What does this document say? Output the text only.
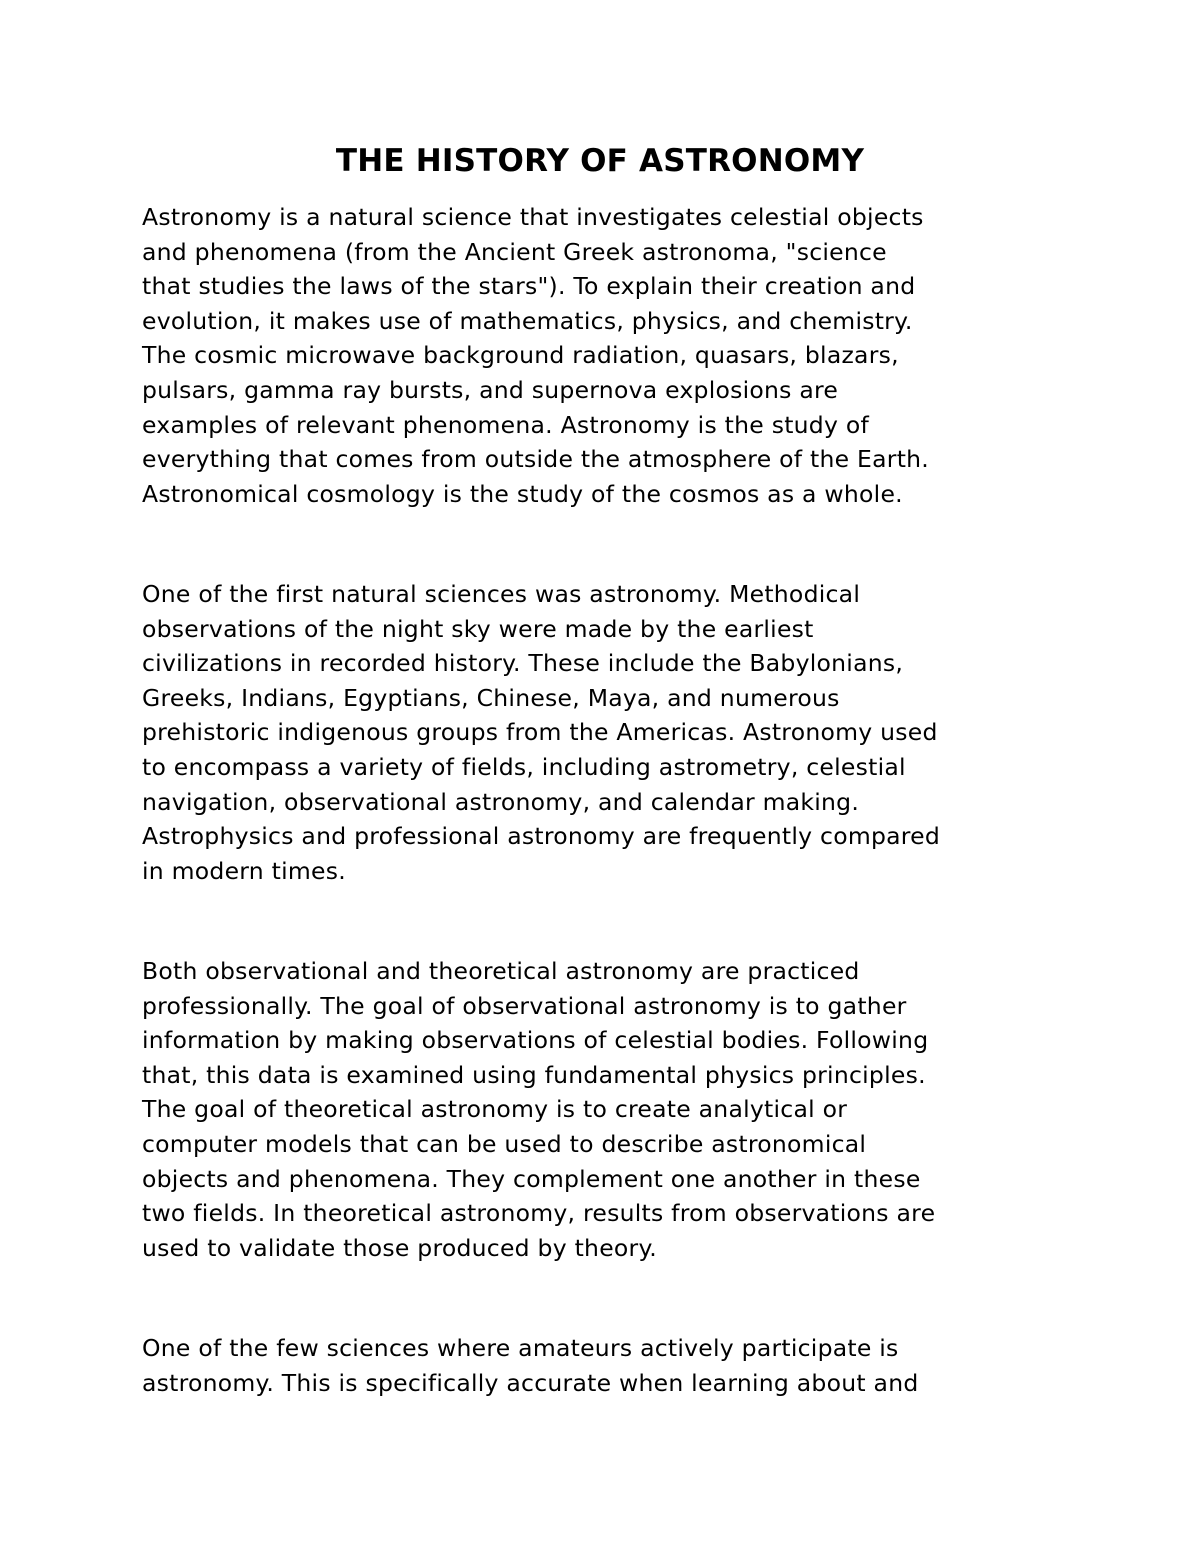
THE HISTORY OF ASTRONOMY

Astronomy is a natural science that investigates celestial objects
and phenomena (from the Ancient Greek astronoma, "science
that studies the laws of the stars"). To explain their creation and
evolution, it makes use of mathematics, physics, and chemistry.
The cosmic microwave background radiation, quasars, blazars,
pulsars, gamma ray bursts, and supernova explosions are
examples of relevant phenomena. Astronomy is the study of
everything that comes from outside the atmosphere of the Earth.
Astronomical cosmology is the study of the cosmos as a whole.

One of the first natural sciences was astronomy. Methodical
observations of the night sky were made by the earliest
civilizations in recorded history. These include the Babylonians,
Greeks, Indians, Egyptians, Chinese, Maya, and numerous
prehistoric indigenous groups from the Americas. Astronomy used
to encompass a variety of fields, including astrometry, celestial
navigation, observational astronomy, and calendar making.
Astrophysics and professional astronomy are frequently compared
in modern times.

Both observational and theoretical astronomy are practiced
professionally. The goal of observational astronomy is to gather
information by making observations of celestial bodies. Following
that, this data is examined using fundamental physics principles.
The goal of theoretical astronomy is to create analytical or
computer models that can be used to describe astronomical
objects and phenomena. They complement one another in these
two fields. In theoretical astronomy, results from observations are
used to validate those produced by theory.

One of the few sciences where amateurs actively participate is
astronomy. This is specifically accurate when learning about and
